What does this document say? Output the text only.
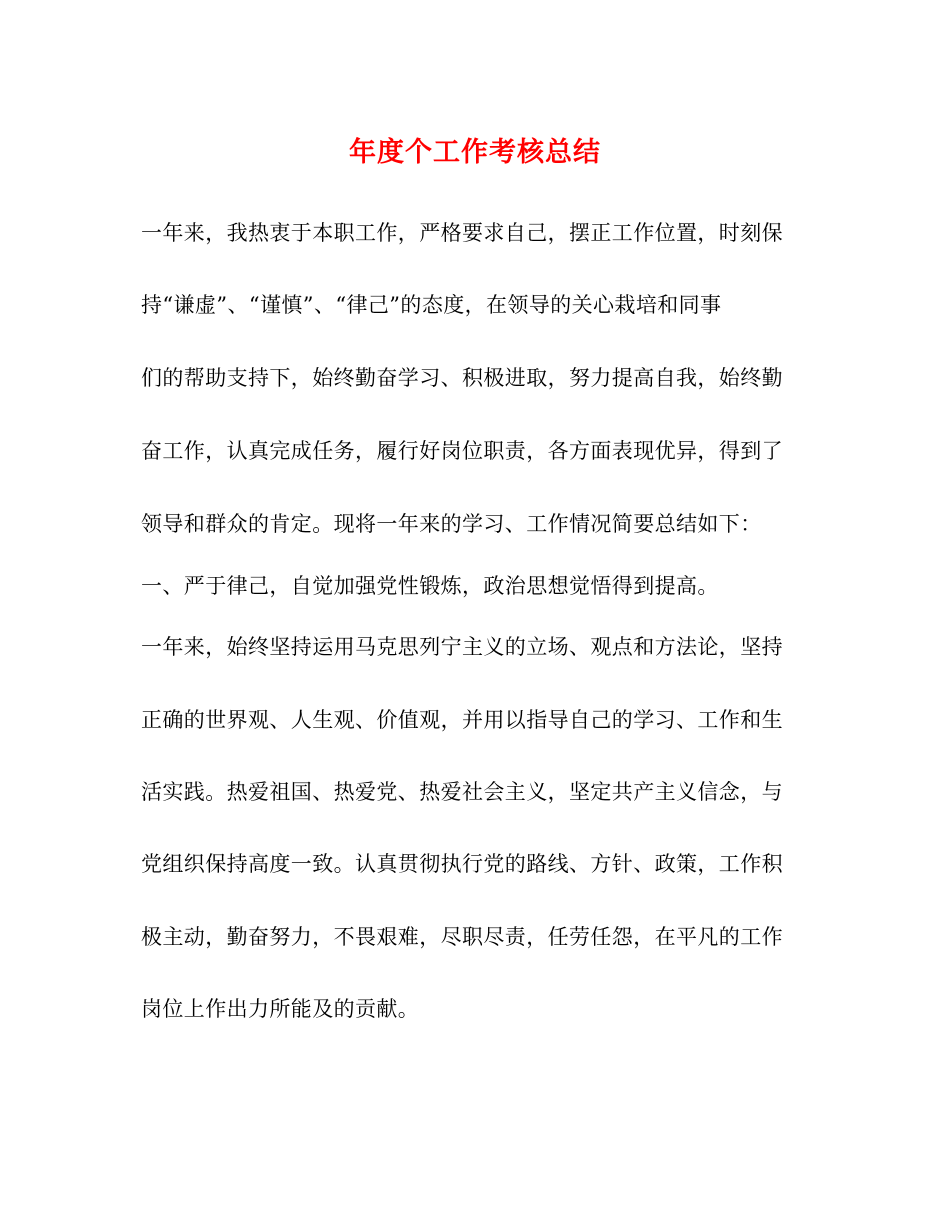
年度个工作考核总结
一年来，我热衷于本职工作，严格要求自己，摆正工作位置，时刻保
持“谦虚”、“谨慎”、“律己”的态度，在领导的关心栽培和同事
们的帮助支持下，始终勤奋学习、积极进取，努力提高自我，始终勤
奋工作，认真完成任务，履行好岗位职责，各方面表现优异，得到了
领导和群众的肯定。现将一年来的学习、工作情况简要总结如下：
一、严于律己，自觉加强党性锻炼，政治思想觉悟得到提高。
一年来，始终坚持运用马克思列宁主义的立场、观点和方法论，坚持
正确的世界观、人生观、价值观，并用以指导自己的学习、工作和生
活实践。热爱祖国、热爱党、热爱社会主义，坚定共产主义信念，与
党组织保持高度一致。认真贯彻执行党的路线、方针、政策，工作积
极主动，勤奋努力，不畏艰难，尽职尽责，任劳任怨，在平凡的工作
岗位上作出力所能及的贡献。
